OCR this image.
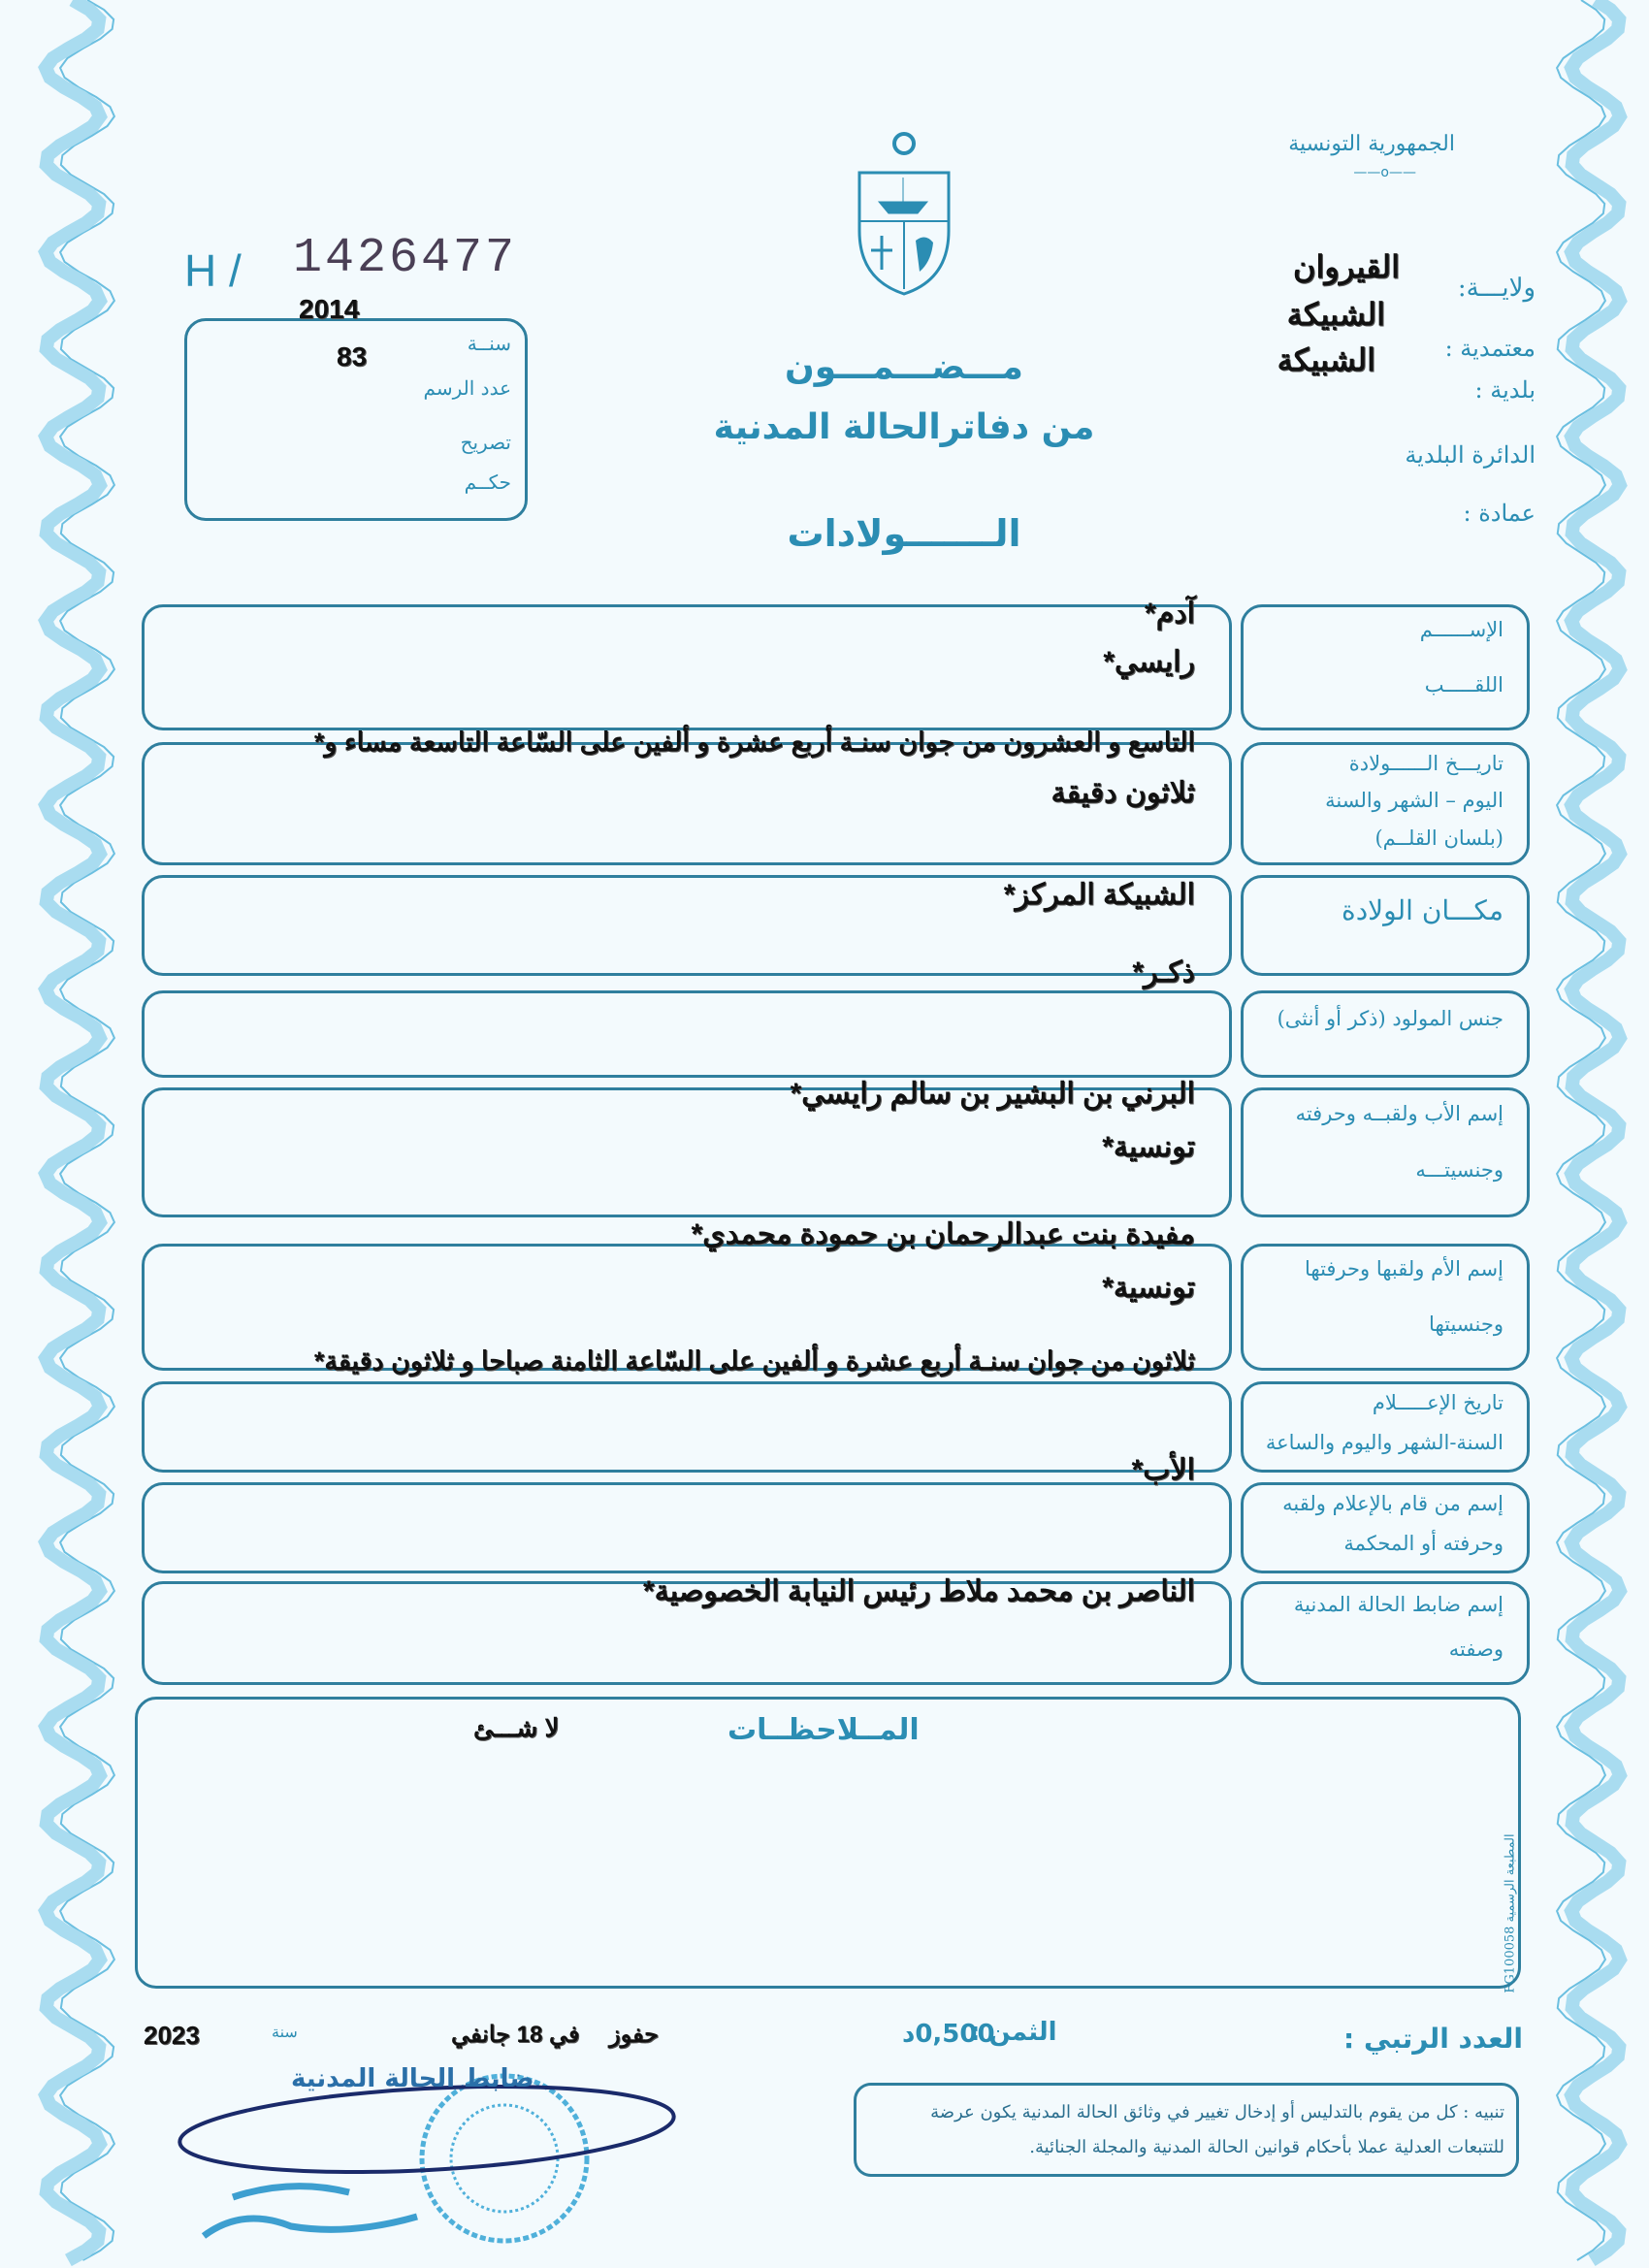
الجمهورية التونسية
——o——
ولايـــة:
معتمدية :
بلدية :
الدائرة البلدية
عمادة :
القيروان
الشبيكة
الشبيكة
H / 1426477
2014
83	سنــة
عدد الرسم
تصريح
حكــم
مـــضـــمـــون
من دفاترالحالة المدنية
الـــــــولادات
الإســــــم
اللقـــــب
آدم*
رايسي*
تاريـــخ الــــــولادة
اليوم – الشهر والسنة
(بلسان القلــم)
التاسع و العشرون من جوان سنـة أربع عشرة و ألفين على السّاعة التاسعة مساء و*
ثلاثون دقيقة
مكـــان الولادة
الشبيكة المركز*
جنس المولود (ذكر أو أنثى)
ذكـر*
إسم الأب ولقبــه وحرفته
وجنسيتـــه
البرني بن البشير بن سالم رايسي*
تونسية*
إسم الأم ولقبها وحرفتها
وجنسيتها
مفيدة بنت عبدالرحمان بن حمودة محمدي*
تونسية*
تاريخ الإعـــــلام
السنة-الشهر واليوم والساعة
ثلاثون من جوان سنـة أربع عشرة و ألفين على السّاعة الثامنة صباحا و ثلاثون دقيقة*
إسم من قام بالإعلام ولقبه
وحرفته أو المحكمة
الأب*
إسم ضابط الحالة المدنية
وصفته
الناصر بن محمد ملاط رئيس النيابة الخصوصية*
المــلاحظــات
لا شـــئ
المطبعة الرسمية FG100058
العدد الرتبي :
الثمن :
0,500د
حفوز
في 18 جانفي
سنة
2023
تنبيه : كل من يقوم بالتدليس أو إدخال تغيير في وثائق الحالة المدنية يكون عرضة للتتبعات العدلية عملا بأحكام قوانين الحالة المدنية والمجلة الجنائية.
ضابط الحالة المدنية
